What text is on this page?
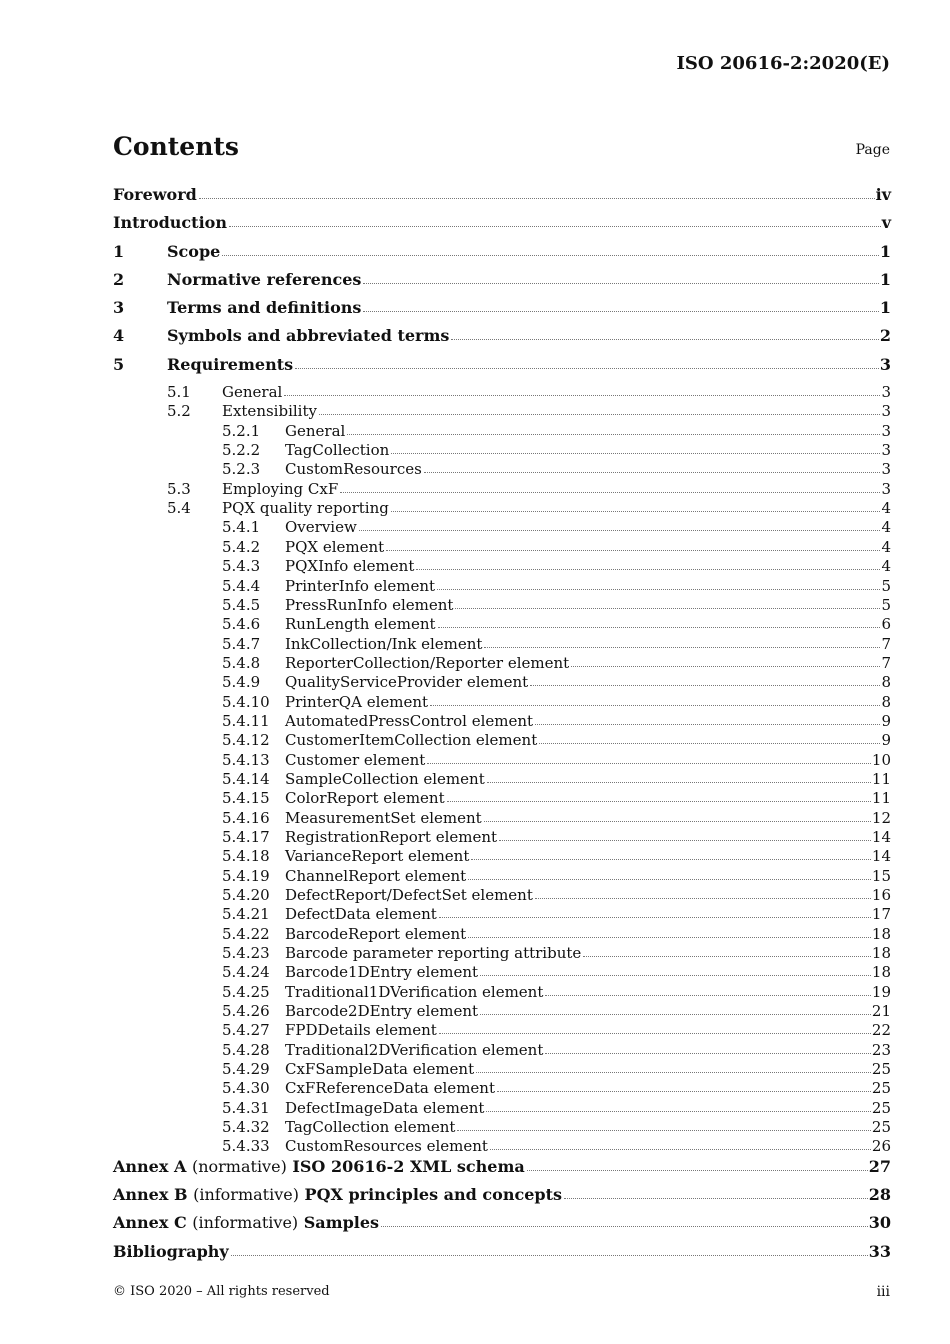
ISO 20616-2:2020(E)
Contents	Page
Foreword	iv
Introduction	v
1	Scope	1
2	Normative references	1
3	Terms and definitions	1
4	Symbols and abbreviated terms	2
5	Requirements	3
5.1	General	3
5.2	Extensibility	3
5.2.1	General	3
5.2.2	TagCollection	3
5.2.3	CustomResources	3
5.3	Employing CxF	3
5.4	PQX quality reporting	4
5.4.1	Overview	4
5.4.2	PQX element	4
5.4.3	PQXInfo element	4
5.4.4	PrinterInfo element	5
5.4.5	PressRunInfo element	5
5.4.6	RunLength element	6
5.4.7	InkCollection/Ink element	7
5.4.8	ReporterCollection/Reporter element	7
5.4.9	QualityServiceProvider element	8
5.4.10	PrinterQA element	8
5.4.11	AutomatedPressControl element	9
5.4.12	CustomerItemCollection element	9
5.4.13	Customer element	10
5.4.14	SampleCollection element	11
5.4.15	ColorReport element	11
5.4.16	MeasurementSet element	12
5.4.17	RegistrationReport element	14
5.4.18	VarianceReport element	14
5.4.19	ChannelReport element	15
5.4.20	DefectReport/DefectSet element	16
5.4.21	DefectData element	17
5.4.22	BarcodeReport element	18
5.4.23	Barcode parameter reporting attribute	18
5.4.24	Barcode1DEntry element	18
5.4.25	Traditional1DVerification element	19
5.4.26	Barcode2DEntry element	21
5.4.27	FPDDetails element	22
5.4.28	Traditional2DVerification element	23
5.4.29	CxFSampleData element	25
5.4.30	CxFReferenceData element	25
5.4.31	DefectImageData element	25
5.4.32	TagCollection element	25
5.4.33	CustomResources element	26
Annex A (normative) ISO 20616-2 XML schema	27
Annex B (informative) PQX principles and concepts	28
Annex C (informative) Samples	30
Bibliography	33
© ISO 2020 – All rights reserved	iii
